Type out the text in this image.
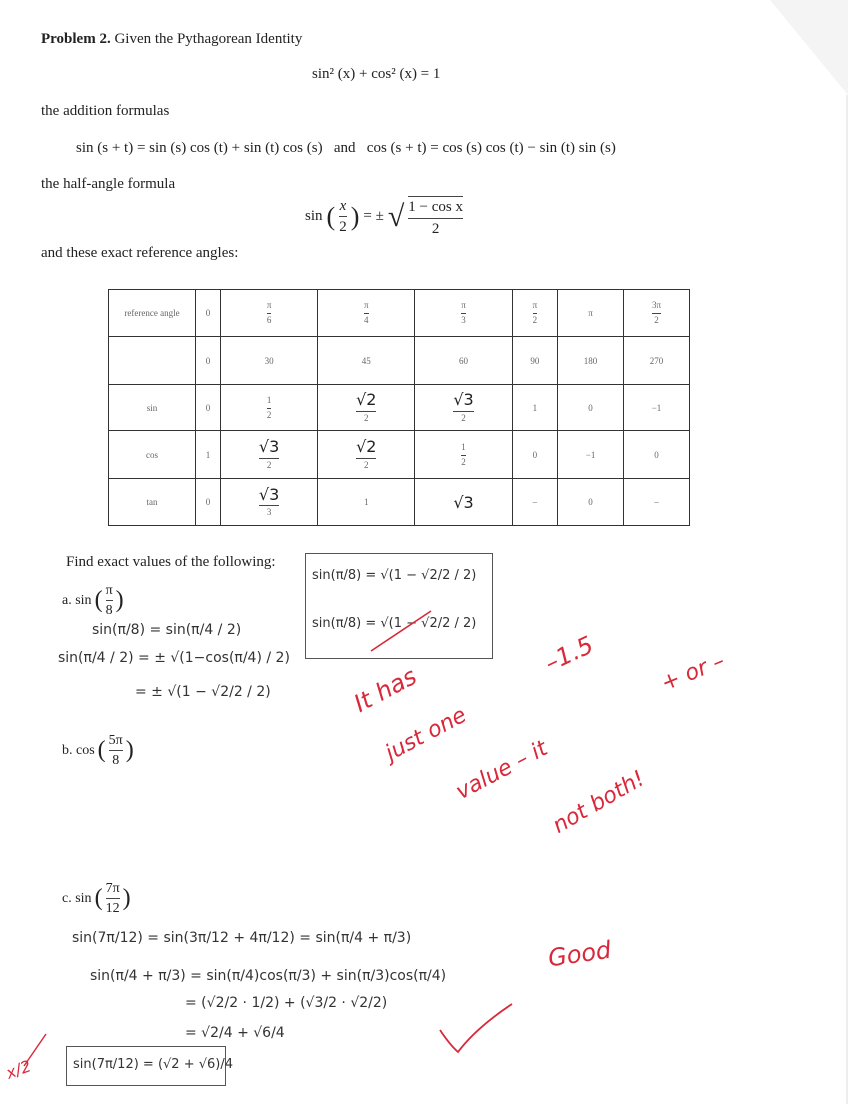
Problem 2. Given the Pythagorean Identity
sin² (x) + cos² (x) = 1
the addition formulas
sin (s + t) = sin (s) cos (t) + sin (t) cos (s) and cos (s + t) = cos (s) cos (t) − sin (t) sin (s)
the half-angle formula
sin ( $\frac{x}{2}$ ) = ± √ $\frac{\text{1 − cos x}}{2}$
and these exact reference angles:
reference angle	0	$\frac{\pi}{6}$	$\frac{\pi}{4}$	$\frac{\pi}{3}$	$\frac{\pi}{2}$	π	$\frac{3\pi}{2}$

	0	30	45	60	90	180	270
sin	0	$\frac{1}{2}$	$\frac{√2}{2}$	$\frac{√3}{2}$	1	0	−1
cos	1	$\frac{√3}{2}$	$\frac{√2}{2}$	$\frac{1}{2}$	0	−1	0
tan	0	$\frac{√3}{3}$	1	√3	–	0	–
Find exact values of the following:
a. sin ( $\frac{\pi}{8}$ )
sin(π/8) = sin(π/4 / 2)
sin(π/4 / 2) = ± √(1−cos(π/4) / 2)
= ± √(1 − √2/2 / 2)
sin(π/8) = √(1 − √2/2 / 2)
sin(π/8) = √(1 − √2/2 / 2)
b. cos ( $\frac{5\pi}{8}$ )
c. sin ( $\frac{7\pi}{12}$ )
sin(7π/12) = sin(3π/12 + 4π/12) = sin(π/4 + π/3)
sin(π/4 + π/3) = sin(π/4)cos(π/3) + sin(π/3)cos(π/4)
= (√2/2 · 1/2) + (√3/2 · √2/2)
= √2/4 + √6/4
sin(7π/12) = (√2 + √6)/4
It has
just one
value – it
+ or –
not both!
–1.5
Good
x/2
